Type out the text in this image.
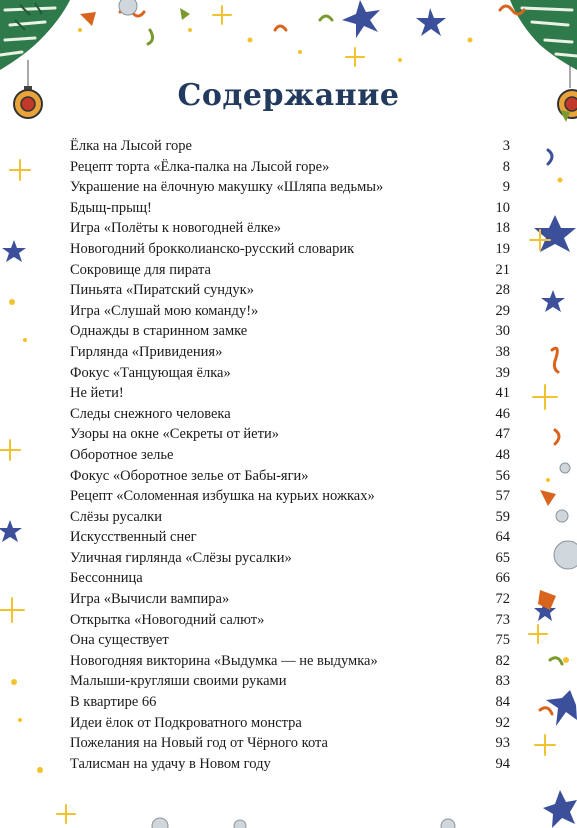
Содержание
Ёлка на Лысой горе	3
Рецепт торта «Ёлка-палка на Лысой горе»	8
Украшение на ёлочную макушку «Шляпа ведьмы»	9
Бдыщ-прыщ!	10
Игра «Полёты к новогодней ёлке»	18
Новогодний брокколианско-русский словарик	19
Сокровище для пирата	21
Пиньята «Пиратский сундук»	28
Игра «Слушай мою команду!»	29
Однажды в старинном замке	30
Гирлянда «Привидения»	38
Фокус «Танцующая ёлка»	39
Не йети!	41
Следы снежного человека	46
Узоры на окне «Секреты от йети»	47
Оборотное зелье	48
Фокус «Оборотное зелье от Бабы-яги»	56
Рецепт «Соломенная избушка на курьих ножках»	57
Слёзы русалки	59
Искусственный снег	64
Уличная гирлянда «Слёзы русалки»	65
Бессонница	66
Игра «Вычисли вампира»	72
Открытка «Новогодний салют»	73
Она существует	75
Новогодняя викторина «Выдумка — не выдумка»	82
Малыши-кругляши своими руками	83
В квартире 66	84
Идеи ёлок от Подкроватного монстра	92
Пожелания на Новый год от Чёрного кота	93
Талисман на удачу в Новом году	94
